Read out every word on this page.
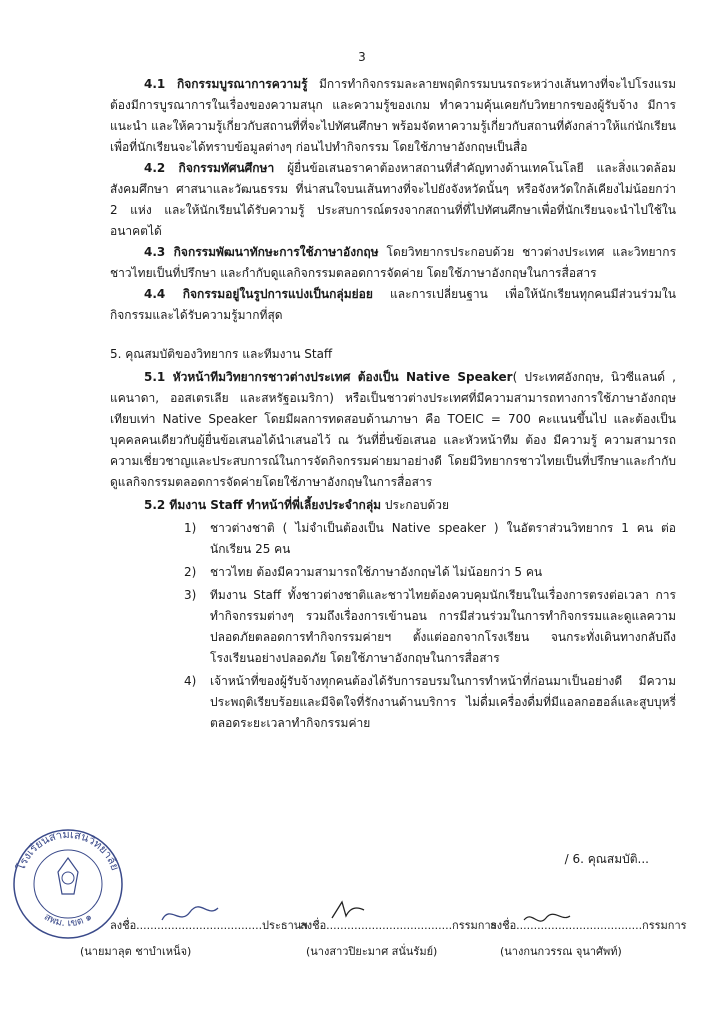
3

4.1 กิจกรรมบูรณาการความรู้ มีการทำกิจกรรมละลายพฤติกรรมบนรถระหว่างเส้นทางที่จะไปโรงแรม ต้องมีการบูรณาการในเรื่องของความสนุก และความรู้ของเกม ทำความคุ้นเคยกับวิทยากรของผู้รับจ้าง มีการแนะนำ และให้ความรู้เกี่ยวกับสถานที่ที่จะไปทัศนศึกษา พร้อมจัดหาความรู้เกี่ยวกับสถานที่ดังกล่าวให้แก่นักเรียน เพื่อที่นักเรียนจะได้ทราบข้อมูลต่างๆ ก่อนไปทำกิจกรรม โดยใช้ภาษาอังกฤษเป็นสื่อ

4.2 กิจกรรมทัศนศึกษา ผู้ยื่นข้อเสนอราคาต้องหาสถานที่สำคัญทางด้านเทคโนโลยี และสิ่งแวดล้อม สังคมศึกษา ศาสนาและวัฒนธรรม ที่น่าสนใจบนเส้นทางที่จะไปยังจังหวัดนั้นๆ หรือจังหวัดใกล้เคียงไม่น้อยกว่า 2 แห่ง และให้นักเรียนได้รับความรู้ ประสบการณ์ตรงจากสถานที่ที่ไปทัศนศึกษาเพื่อที่นักเรียนจะนำไปใช้ในอนาคตได้

4.3 กิจกรรมพัฒนาทักษะการใช้ภาษาอังกฤษ โดยวิทยากรประกอบด้วย ชาวต่างประเทศ และวิทยากรชาวไทยเป็นที่ปรึกษา และกำกับดูแลกิจกรรมตลอดการจัดค่าย โดยใช้ภาษาอังกฤษในการสื่อสาร

4.4 กิจกรรมอยู่ในรูปการแบ่งเป็นกลุ่มย่อย และการเปลี่ยนฐาน เพื่อให้นักเรียนทุกคนมีส่วนร่วมในกิจกรรมและได้รับความรู้มากที่สุด

5. คุณสมบัติของวิทยากร และทีมงาน Staff

5.1 หัวหน้าทีมวิทยากรชาวต่างประเทศ ต้องเป็น Native Speaker( ประเทศอังกฤษ, นิวซีแลนด์ , แคนาดา, ออสเตรเลีย และสหรัฐอเมริกา) หรือเป็นชาวต่างประเทศที่มีความสามารถทางการใช้ภาษาอังกฤษเทียบเท่า Native Speaker โดยมีผลการทดสอบด้านภาษา คือ TOEIC = 700 คะแนนขึ้นไป และต้องเป็นบุคคลคนเดียวกับผู้ยื่นข้อเสนอได้นำเสนอไว้ ณ วันที่ยื่นข้อเสนอ และหัวหน้าทีม ต้อง มีความรู้ ความสามารถความเชี่ยวชาญและประสบการณ์ในการจัดกิจกรรมค่ายมาอย่างดี โดยมีวิทยากรชาวไทยเป็นที่ปรึกษาและกำกับดูแลกิจกรรมตลอดการจัดค่ายโดยใช้ภาษาอังกฤษในการสื่อสาร

5.2 ทีมงาน Staff ทำหน้าที่พี่เลี้ยงประจำกลุ่ม ประกอบด้วย

1) ชาวต่างชาติ ( ไม่จำเป็นต้องเป็น Native speaker ) ในอัตราส่วนวิทยากร 1 คน ต่อนักเรียน 25 คน
2) ชาวไทย ต้องมีความสามารถใช้ภาษาอังกฤษได้ ไม่น้อยกว่า 5 คน
3) ทีมงาน Staff ทั้งชาวต่างชาติและชาวไทยต้องควบคุมนักเรียนในเรื่องการตรงต่อเวลา การทำกิจกรรมต่างๆ รวมถึงเรื่องการเข้านอน การมีส่วนร่วมในการทำกิจกรรมและดูแลความปลอดภัยตลอดการทำกิจกรรมค่ายฯ ตั้งแต่ออกจากโรงเรียน จนกระทั่งเดินทางกลับถึงโรงเรียนอย่างปลอดภัย โดยใช้ภาษาอังกฤษในการสื่อสาร
4) เจ้าหน้าที่ของผู้รับจ้างทุกคนต้องได้รับการอบรมในการทำหน้าที่ก่อนมาเป็นอย่างดี มีความประพฤติเรียบร้อยและมีจิตใจที่รักงานด้านบริการ ไม่ดื่มเครื่องดื่มที่มีแอลกอฮอล์และสูบบุหรี่ ตลอดระยะเวลาทำกิจกรรมค่าย
/ 6. คุณสมบัติ...
โรงเรียนสามเสนวิทยาลัย
สพม. เขต ๑
ลงชื่อ....................................ประธานฯ
(นายมาลุต ชาบำเหน็จ)
ลงชื่อ....................................กรรมการ
(นางสาวปิยะมาศ สนั่นรัมย์)
ลงชื่อ....................................กรรมการ
(นางกนกวรรณ จุนาศัพท์)
